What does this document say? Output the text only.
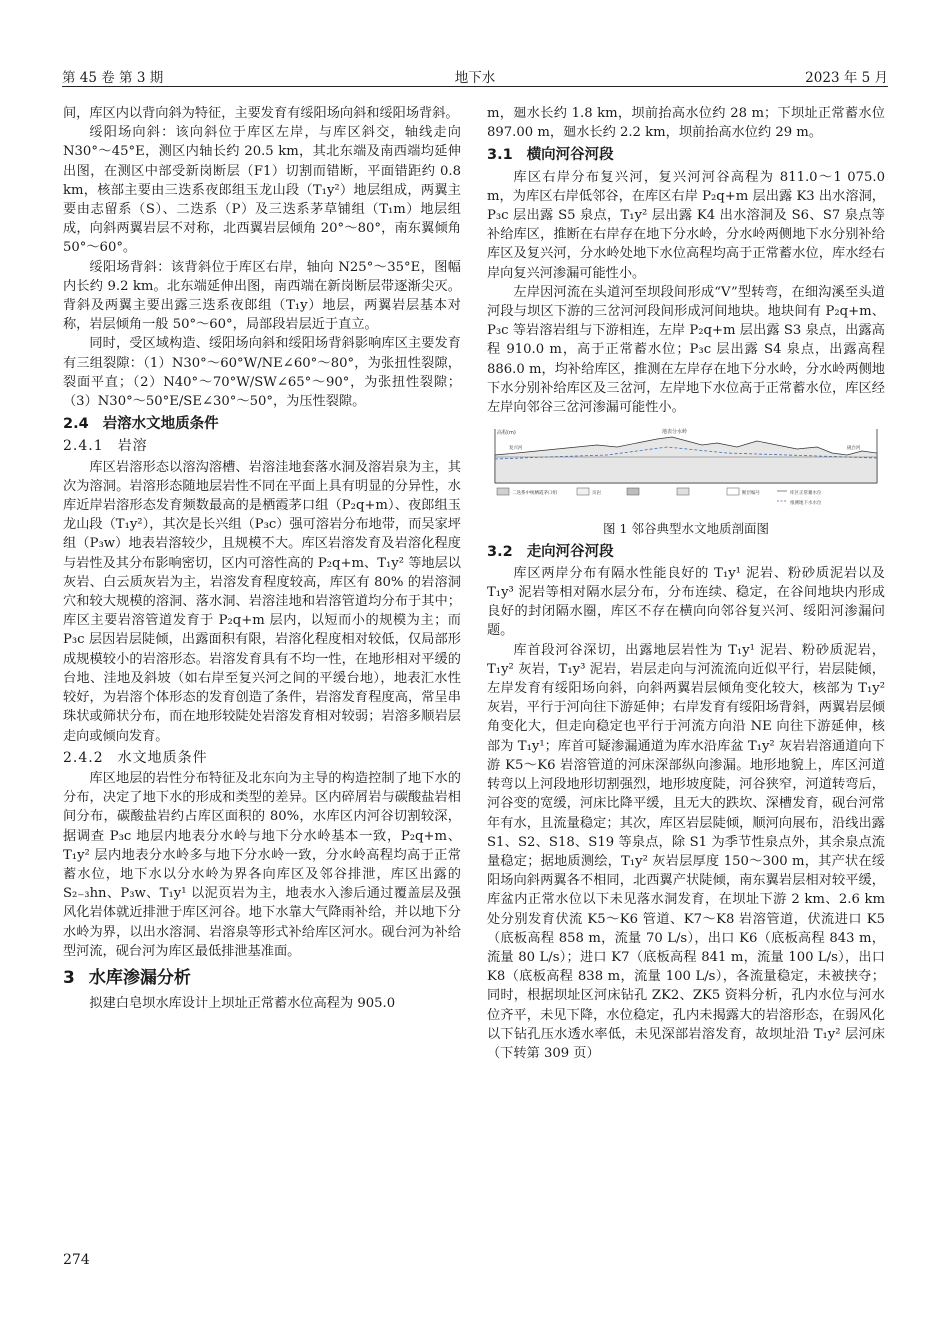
第 45 卷 第 3 期	地下水	2023 年 5 月

间，库区内以背向斜为特征，主要发育有绥阳场向斜和绥阳场背斜。

绥阳场向斜：该向斜位于库区左岸，与库区斜交，轴线走向 N30°～45°E，测区内轴长约 20.5 km，其北东端及南西端均延伸出图，在测区中部受新岗断层（F1）切割而错断，平面错距约 0.8 km，核部主要由三迭系夜郎组玉龙山段（T₁y²）地层组成，两翼主要由志留系（S）、二迭系（P）及三迭系茅草铺组（T₁m）地层组成，向斜两翼岩层不对称，北西翼岩层倾角 20°～80°，南东翼倾角 50°～60°。

绥阳场背斜：该背斜位于库区右岸，轴向 N25°～35°E，图幅内长约 9.2 km。北东端延伸出图，南西端在新岗断层带逐渐尖灭。背斜及两翼主要出露三迭系夜郎组（T₁y）地层，两翼岩层基本对称，岩层倾角一般 50°～60°，局部段岩层近于直立。

同时，受区域构造、绥阳场向斜和绥阳场背斜影响库区主要发育有三组裂隙：（1）N30°～60°W/NE∠60°～80°，为张扭性裂隙，裂面平直；（2）N40°～70°W/SW∠65°～90°，为张扭性裂隙；（3）N30°～50°E/SE∠30°～50°，为压性裂隙。

2.4 岩溶水文地质条件
2.4.1 岩溶

库区岩溶形态以溶沟溶槽、岩溶洼地套落水洞及溶岩泉为主，其次为溶洞。岩溶形态随地层岩性不同在平面上具有明显的分异性，水库近岸岩溶形态发育频数最高的是栖霞茅口组（P₂q+m）、夜郎组玉龙山段（T₁y²），其次是长兴组（P₃c）强可溶岩分布地带，而吴家坪组（P₃w）地表岩溶较少，且规模不大。库区岩溶发育及岩溶化程度与岩性及其分布影响密切，区内可溶性高的 P₂q+m、T₁y² 等地层以灰岩、白云质灰岩为主，岩溶发育程度较高，库区有 80% 的岩溶洞穴和较大规模的溶洞、落水洞、岩溶洼地和岩溶管道均分布于其中；库区主要岩溶管道发育于 P₂q+m 层内，以短而小的规模为主；而 P₃c 层因岩层陡倾，出露面积有限，岩溶化程度相对较低，仅局部形成规模较小的岩溶形态。岩溶发育具有不均一性，在地形相对平缓的台地、洼地及斜坡（如右岸至复兴河之间的平缓台地），地表汇水性较好，为岩溶个体形态的发育创造了条件，岩溶发育程度高，常呈串珠状或筛状分布，而在地形较陡处岩溶发育相对较弱；岩溶多顺岩层走向或倾向发育。

2.4.2 水文地质条件

库区地层的岩性分布特征及北东向为主导的构造控制了地下水的分布，决定了地下水的形成和类型的差异。区内碎屑岩与碳酸盐岩相间分布，碳酸盐岩约占库区面积的 80%，水库区内河谷切割较深，据调查 P₃c 地层内地表分水岭与地下分水岭基本一致，P₂q+m、T₁y² 层内地表分水岭多与地下分水岭一致，分水岭高程均高于正常蓄水位，地下水以分水岭为界各向库区及邻谷排泄，库区出露的 S₂₋₃hn、P₃w、T₁y¹ 以泥页岩为主，地表水入渗后通过覆盖层及强风化岩体就近排泄于库区河谷。地下水靠大气降雨补给，并以地下分水岭为界，以出水溶洞、岩溶泉等形式补给库区河水。砚台河为补给型河流，砚台河为库区最低排泄基准面。

3 水库渗漏分析

拟建白皂坝水库设计上坝址正常蓄水位高程为 905.0

m，廻水长约 1.8 km，坝前抬高水位约 28 m；下坝址正常蓄水位 897.00 m，廻水长约 2.2 km，坝前抬高水位约 29 m。

3.1 横向河谷河段

库区右岸分布复兴河，复兴河河谷高程为 811.0～1 075.0 m，为库区右岸低邻谷，在库区右岸 P₂q+m 层出露 K3 出水溶洞，P₃c 层出露 S5 泉点，T₁y² 层出露 K4 出水溶洞及 S6、S7 泉点等补给库区，推断在右岸存在地下分水岭，分水岭两侧地下水分别补给库区及复兴河，分水岭处地下水位高程均高于正常蓄水位，库水经右岸向复兴河渗漏可能性小。

左岸因河流在头道河至坝段间形成“V”型转弯，在细沟溪至头道河段与坝区下游的三岔河河段间形成河间地块。地块间有 P₂q+m、P₃c 等岩溶岩组与下游相连，左岸 P₂q+m 层出露 S3 泉点，出露高程 910.0 m，高于正常蓄水位；P₃c 层出露 S4 泉点，出露高程 886.0 m，均补给库区，推测在左岸存在地下分水岭，分水岭两侧地下水分别补给库区及三岔河，左岸地下水位高于正常蓄水位，库区经左岸向邻谷三岔河渗漏可能性小。

高程(m)	地表分水岭
复兴河	砚台河
二迭系中统栖霞茅口组	页岩	断层编号	库区正常蓄水位
推测地下水水位
图 1 邻谷典型水文地质剖面图
3.2 走向河谷河段

库区两岸分布有隔水性能良好的 T₁y¹ 泥岩、粉砂质泥岩以及 T₁y³ 泥岩等相对隔水层分布，分布连续、稳定，在谷间地块内形成良好的封闭隔水圈，库区不存在横向向邻谷复兴河、绥阳河渗漏问题。

库首段河谷深切，出露地层岩性为 T₁y¹ 泥岩、粉砂质泥岩，T₁y² 灰岩，T₁y³ 泥岩，岩层走向与河流流向近似平行，岩层陡倾，左岸发育有绥阳场向斜，向斜两翼岩层倾角变化较大，核部为 T₁y² 灰岩，平行于河向往下游延伸；右岸发育有绥阳场背斜，两翼岩层倾角变化大，但走向稳定也平行于河流方向沿 NE 向往下游延伸，核部为 T₁y¹；库首可疑渗漏通道为库水沿库盆 T₁y² 灰岩岩溶通道向下游 K5～K6 岩溶管道的河床深部纵向渗漏。地形地貌上，库区河道转弯以上河段地形切割强烈，地形坡度陡，河谷狭窄，河道转弯后，河谷变的宽缓，河床比降平缓，且无大的跌坎、深槽发育，砚台河常年有水，且流量稳定；其次，库区岩层陡倾，顺河向展布，沿线出露 S1、S2、S18、S19 等泉点，除 S1 为季节性泉点外，其余泉点流量稳定；据地质测绘，T₁y² 灰岩层厚度 150～300 m，其产状在绥阳场向斜两翼各不相同，北西翼产状陡倾，南东翼岩层相对较平缓，库盆内正常水位以下未见落水洞发育，在坝址下游 2 km、2.6 km 处分别发育伏流 K5～K6 管道、K7～K8 岩溶管道，伏流进口 K5（底板高程 858 m，流量 70 L/s），出口 K6（底板高程 843 m，流量 80 L/s）；进口 K7（底板高程 841 m，流量 100 L/s），出口 K8（底板高程 838 m，流量 100 L/s），各流量稳定，未被挟夺；同时，根据坝址区河床钻孔 ZK2、ZK5 资料分析，孔内水位与河水位齐平，未见下降，水位稳定，孔内未揭露大的岩溶形态，在弱风化以下钻孔压水透水率低，未见深部岩溶发育，故坝址沿 T₁y² 层河床 （下转第 309 页）

274
